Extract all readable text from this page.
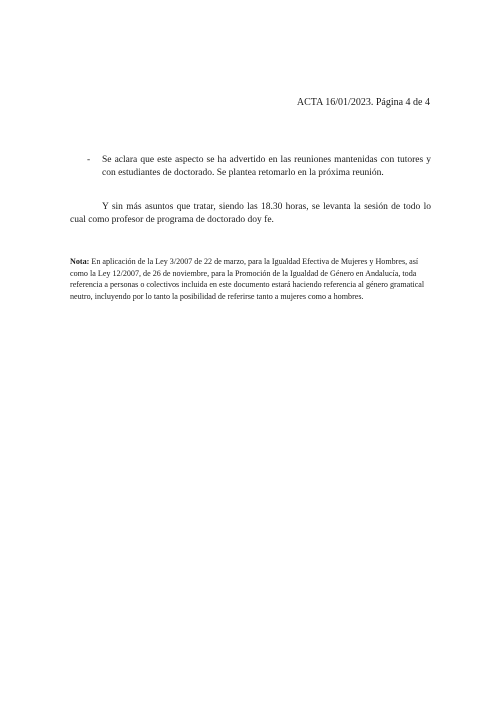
ACTA 16/01/2023. Página 4 de 4
- Se aclara que este aspecto se ha advertido en las reuniones mantenidas con tutores y con estudiantes de doctorado. Se plantea retomarlo en la próxima reunión.
Y sin más asuntos que tratar, siendo las 18.30 horas, se levanta la sesión de todo lo cual como profesor de programa de doctorado doy fe.
Nota: En aplicación de la Ley 3/2007 de 22 de marzo, para la Igualdad Efectiva de Mujeres y Hombres, así como la Ley 12/2007, de 26 de noviembre, para la Promoción de la Igualdad de Género en Andalucía, toda referencia a personas o colectivos incluida en este documento estará haciendo referencia al género gramatical neutro, incluyendo por lo tanto la posibilidad de referirse tanto a mujeres como a hombres.
